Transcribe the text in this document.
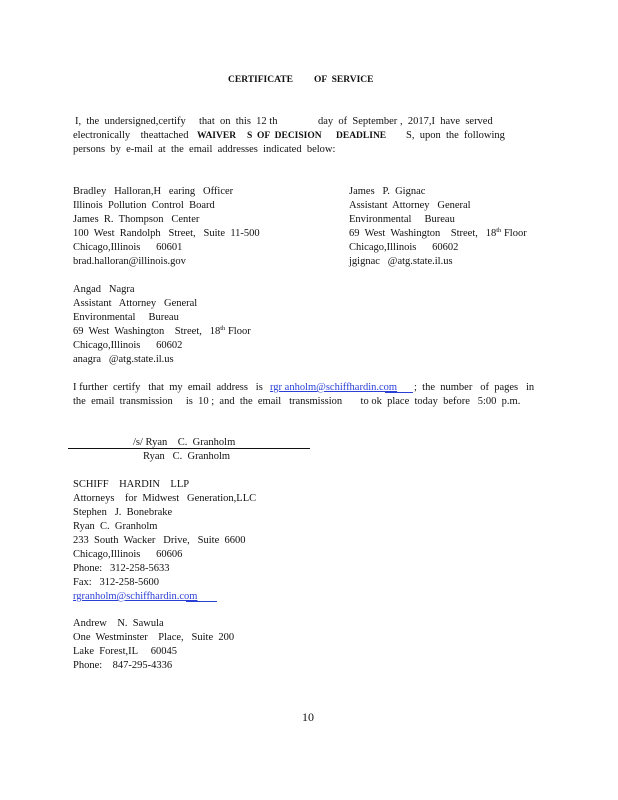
CERTIFICATE OF  SERVICE
I,  the  undersigned,certify that  on  this  12 th	day  of  September ,  2017,I  have  served
electronically    theattached WAIVER S  OF  DECISION DEADLINE S,  upon  the  following
persons  by  e-mail  at  the  email  addresses  indicated  below:
Bradley   Halloran,H   earing   Officer
Illinois  Pollution  Control  Board
James  R.  Thompson   Center
100  West  Randolph   Street,   Suite  11-500
Chicago,Illinois      60601
brad.halloran@illinois.gov
James   P.  Gignac
Assistant  Attorney   General
Environmental     Bureau
69  West  Washington    Street,   18th Floor
Chicago,Illinois      60602
jgignac   @atg.state.il.us
Angad   Nagra
Assistant   Attorney   General
Environmental     Bureau
69  West  Washington    Street,   18th Floor
Chicago,Illinois      60602
anagra   @atg.state.il.us
I further  certify   that  my  email  address   is rgr anholm@schiffhardin.com ;  the  number   of  pages   in
the  email  transmission     is  10 ;  and  the  email   transmission       to ok  place  today  before   5:00  p.m.
/s/ Ryan    C.  Granholm
Ryan   C.  Granholm
SCHIFF    HARDIN    LLP
Attorneys    for  Midwest   Generation,LLC
Stephen   J.  Bonebrake
Ryan  C.  Granholm
233  South  Wacker   Drive,   Suite  6600
Chicago,Illinois      60606
Phone:   312-258-5633
Fax:   312-258-5600
rgranholm@schiffhardin.com
Andrew    N.  Sawula
One  Westminster    Place,   Suite  200
Lake  Forest,IL     60045
Phone:    847-295-4336
10
